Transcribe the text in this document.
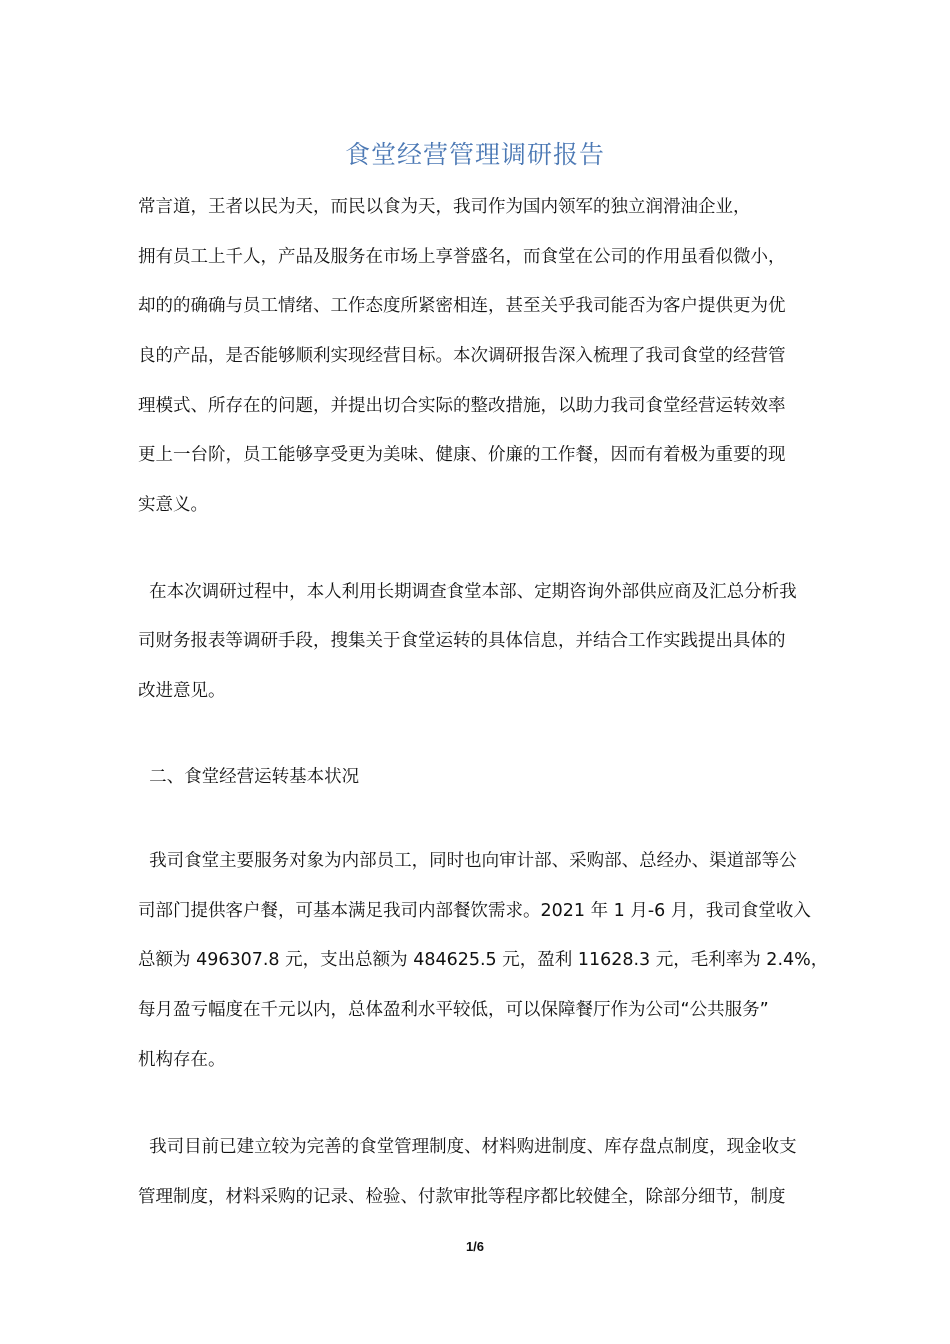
食堂经营管理调研报告
常言道，王者以民为天，而民以食为天，我司作为国内领军的独立润滑油企业，
拥有员工上千人，产品及服务在市场上享誉盛名，而食堂在公司的作用虽看似微小，
却的的确确与员工情绪、工作态度所紧密相连，甚至关乎我司能否为客户提供更为优
良的产品，是否能够顺利实现经营目标。本次调研报告深入梳理了我司食堂的经营管
理模式、所存在的问题，并提出切合实际的整改措施，以助力我司食堂经营运转效率
更上一台阶，员工能够享受更为美味、健康、价廉的工作餐，因而有着极为重要的现
实意义。
在本次调研过程中，本人利用长期调查食堂本部、定期咨询外部供应商及汇总分析我
司财务报表等调研手段，搜集关于食堂运转的具体信息，并结合工作实践提出具体的
改进意见。
二、食堂经营运转基本状况
我司食堂主要服务对象为内部员工，同时也向审计部、采购部、总经办、渠道部等公
司部门提供客户餐，可基本满足我司内部餐饮需求。2021 年 1 月-6 月，我司食堂收入
总额为 496307.8 元，支出总额为 484625.5 元，盈利 11628.3 元，毛利率为 2.4%，
每月盈亏幅度在千元以内，总体盈利水平较低，可以保障餐厅作为公司“公共服务”
机构存在。
我司目前已建立较为完善的食堂管理制度、材料购进制度、库存盘点制度，现金收支
管理制度，材料采购的记录、检验、付款审批等程序都比较健全，除部分细节，制度
1/6
